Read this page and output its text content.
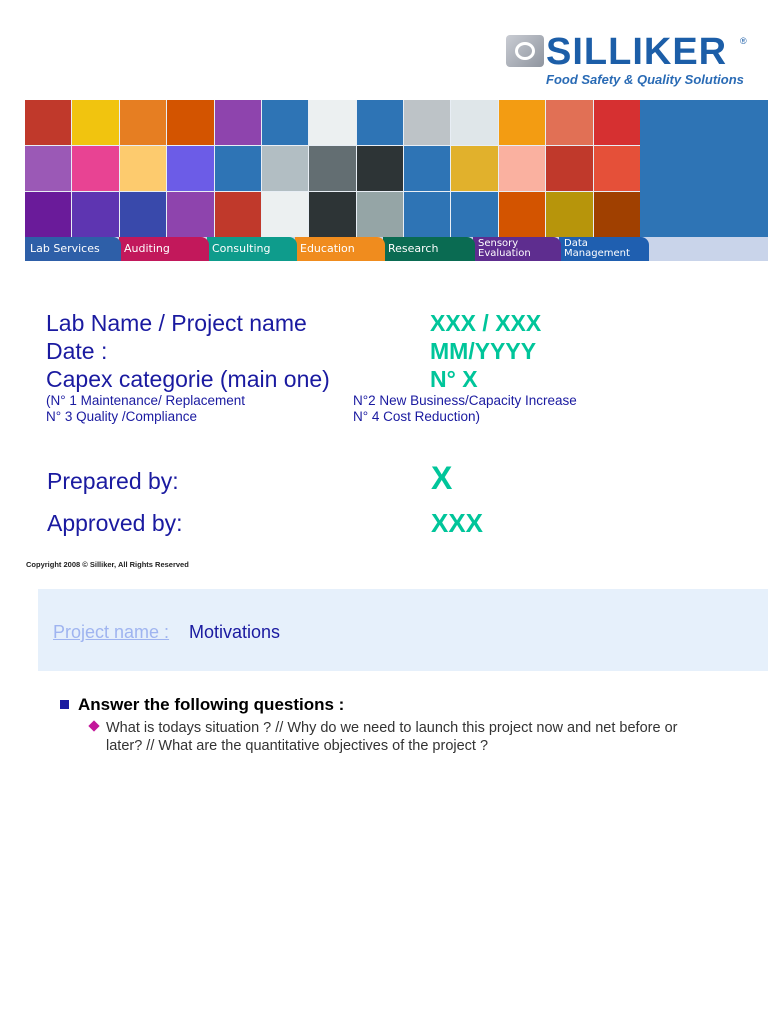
SILLIKER ®
Food Safety & Quality Solutions
Lab Services	Auditing	Consulting	Education	Research	Sensory
Evaluation
Data
Management
Lab Name / Project name	XXX / XXX
Date :	MM/YYYY
Capex categorie (main one)	N° X
(N° 1 Maintenance/ Replacement	N°2 New Business/Capacity Increase
N° 3 Quality /Compliance	N° 4 Cost Reduction)
Prepared by:	X
Approved by:	XXX
Copyright 2008 © Silliker, All Rights Reserved
Project name : Motivations
Answer the following questions :
What is todays situation ? // Why do we need to launch this project now and net before or later? // What are the quantitative objectives of the project ?
